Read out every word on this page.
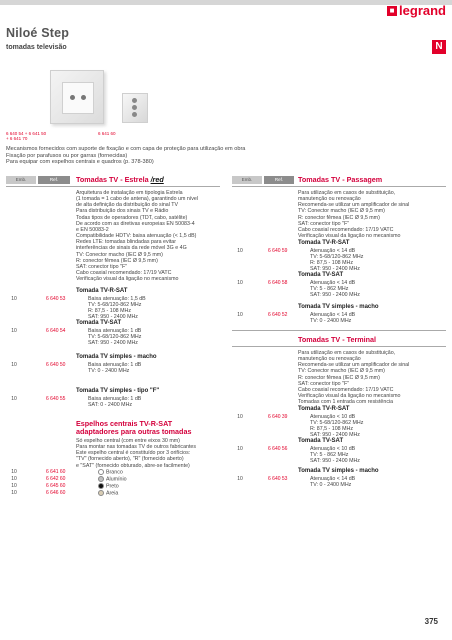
■ legrand
Niloé Step
tomadas televisão	N
6 640 54 + 6 641 50
+ 6 641 70
6 641 60
Mecanismos fornecidos com suporte de fixação e com capa de proteção para utilização em obra
Fixação por parafusos ou por garras (fornecidas)
Para equipar com espelhos centrais e quadros (p. 378-380)
Emb.	Ref.	Tomadas TV - Estrela /red
Arquitetura de instalação em tipologia Estrela
(1 tomada = 1 cabo de antena), garantindo um nível
de alta definição da distribuição do sinal TV
Para distribuição dos sinais TV e Rádio
Todas tipos de operadores (TDT, cabo, satélite)
De acordo com as diretivas europeias EN 50083-4
e EN 50083-2
Compatibilidade HDTV: baixa atenuação (< 1,5 dB)
Redes LTE: tomadas blindadas para evitar
interferências de sinais da rede móvel 3G e 4G
TV: Conector macho (IEC Ø 9,5 mm)
R: conector fêmea (IEC Ø 9,5 mm)
SAT: conector tipo "F"
Cabo coaxial recomendado: 17/19 VATC
Verificação visual da ligação no mecanismo
10	6 640 53
Tomada TV-R-SAT
Baixa atenuação: 1,5 dB
TV: 5-68/120-862 MHz
R: 87,5 - 108 MHz
SAT: 950 - 2400 MHz
10	6 640 54
Tomada TV-SAT
Baixa atenuação: 1 dB
TV: 5-68/120-862 MHz
SAT: 950 - 2400 MHz
10	6 640 50
Tomada TV simples - macho
Baixa atenuação: 1 dB
TV: 0 - 2400 MHz
10	6 640 55
Tomada TV simples - tipo "F"
Baixa atenuação: 1 dB
SAT: 0 - 2400 MHz
Espelhos centrais TV-R-SAT
adaptadores para outras tomadas
Só espelho central (com entre eixos 30 mm)
Para montar nas tomadas TV de outros fabricantes
Este espelho central é constituído por 3 orifícios:
"TV" (fornecido aberto), "R" (fornecido aberto)
e "SAT" (fornecido obturado, abre-se facilmente)
10	6 641 60	Branco
10	6 642 60	Alumínio
10	6 645 60	Preto
10	6 646 60	Areia
Emb.	Ref.	Tomadas TV - Passagem
Para utilização em casos de substituição,
manutenção ou renovação
Recomenda-se utilizar um amplificador de sinal
TV: Conector macho (IEC Ø 9,5 mm)
R: conector fêmea (IEC Ø 9,5 mm)
SAT: conector tipo "F"
Cabo coaxial recomendado: 17/19 VATC
Verificação visual da ligação no mecanismo
10	6 640 59
Tomada TV-R-SAT
Atenuação < 14 dB
TV: 5-68/120-862 MHz
R: 87,5 - 108 MHz
SAT: 950 - 2400 MHz
10	6 640 58
Tomada TV-SAT
Atenuação < 14 dB
TV: 5 - 862 MHz
SAT: 950 - 2400 MHz
10	6 640 52
Tomada TV simples - macho
Atenuação < 14 dB
TV: 0 - 2400 MHz
Tomadas TV - Terminal
Para utilização em casos de substituição,
manutenção ou renovação
Recomenda-se utilizar um amplificador de sinal
TV: Conector macho (IEC Ø 9,5 mm)
R: conector fêmea (IEC Ø 9,5 mm)
SAT: conector tipo "F"
Cabo coaxial recomendado: 17/19 VATC
Verificação visual da ligação no mecanismo
Tomadas com 1 entrada com resistência
10	6 640 39
Tomada TV-R-SAT
Atenuação < 10 dB
TV: 5-68/120-862 MHz
R: 87,5 - 108 MHz
SAT: 950 - 2400 MHz
10	6 640 56
Tomada TV-SAT
Atenuação < 10 dB
TV: 5 - 862 MHz
SAT: 950 - 2400 MHz
10	6 640 53
Tomada TV simples - macho
Atenuação < 14 dB
TV: 0 - 2400 MHz
375
